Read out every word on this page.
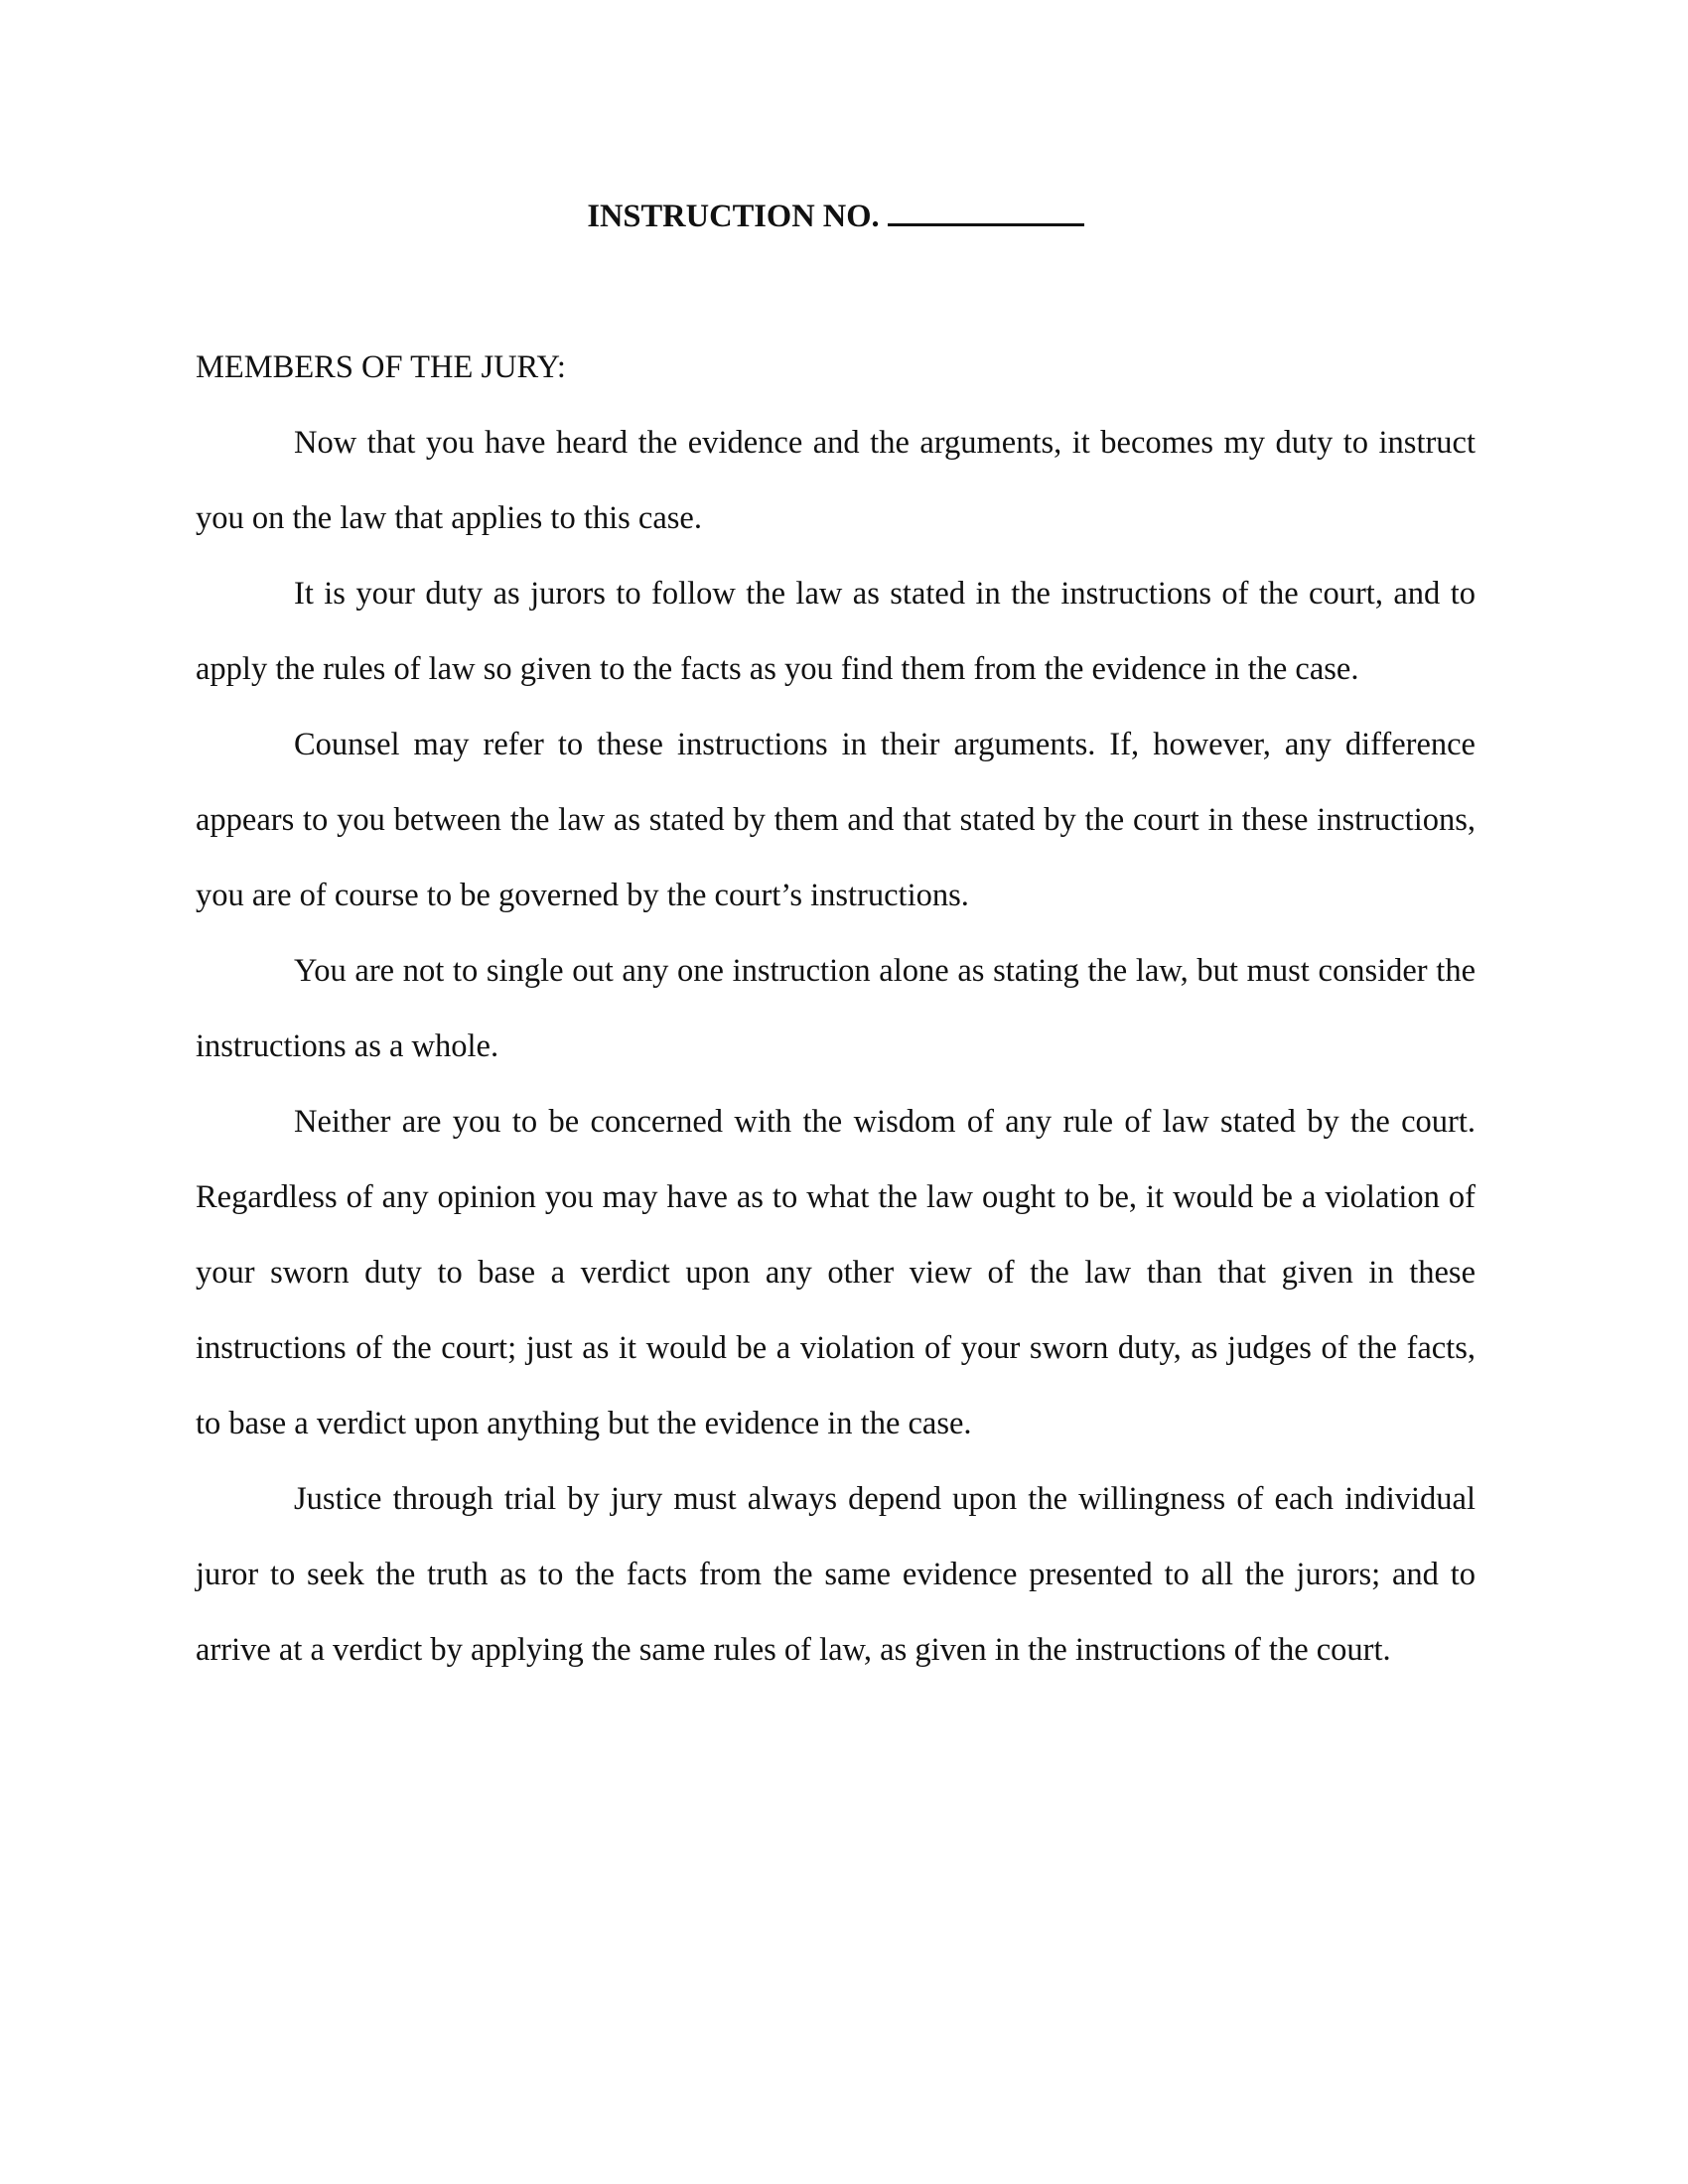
INSTRUCTION NO.
MEMBERS OF THE JURY:

Now that you have heard the evidence and the arguments, it becomes my duty to instruct you on the law that applies to this case.

It is your duty as jurors to follow the law as stated in the instructions of the court, and to apply the rules of law so given to the facts as you find them from the evidence in the case.

Counsel may refer to these instructions in their arguments. If, however, any difference appears to you between the law as stated by them and that stated by the court in these instructions, you are of course to be governed by the court’s instructions.

You are not to single out any one instruction alone as stating the law, but must consider the instructions as a whole.

Neither are you to be concerned with the wisdom of any rule of law stated by the court. Regardless of any opinion you may have as to what the law ought to be, it would be a violation of your sworn duty to base a verdict upon any other view of the law than that given in these instructions of the court; just as it would be a violation of your sworn duty, as judges of the facts, to base a verdict upon anything but the evidence in the case.

Justice through trial by jury must always depend upon the willingness of each individual juror to seek the truth as to the facts from the same evidence presented to all the jurors; and to arrive at a verdict by applying the same rules of law, as given in the instructions of the court.
